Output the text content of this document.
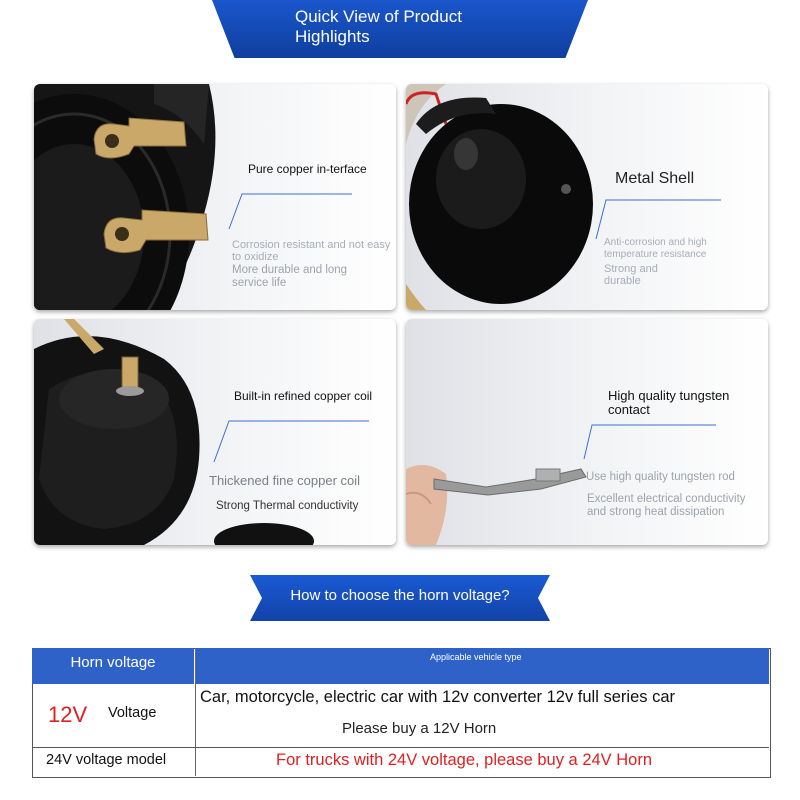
Quick View of Product Highlights
Pure copper in-terface
Corrosion resistant and not easy to oxidize
More durable and long service life
Metal Shell
Anti-corrosion and high temperature resistance
Strong and durable
Built-in refined copper coil
Thickened fine copper coil
Strong Thermal conductivity
High quality tungsten contact
Use high quality tungsten rod
Excellent electrical conductivity and strong heat dissipation
How to choose the horn voltage?
Horn voltage	Applicable vehicle type
12V Voltage
Car, motorcycle, electric car with 12v converter 12v full series car
Please buy a 12V Horn
24V voltage model	For trucks with 24V voltage, please buy a 24V Horn
